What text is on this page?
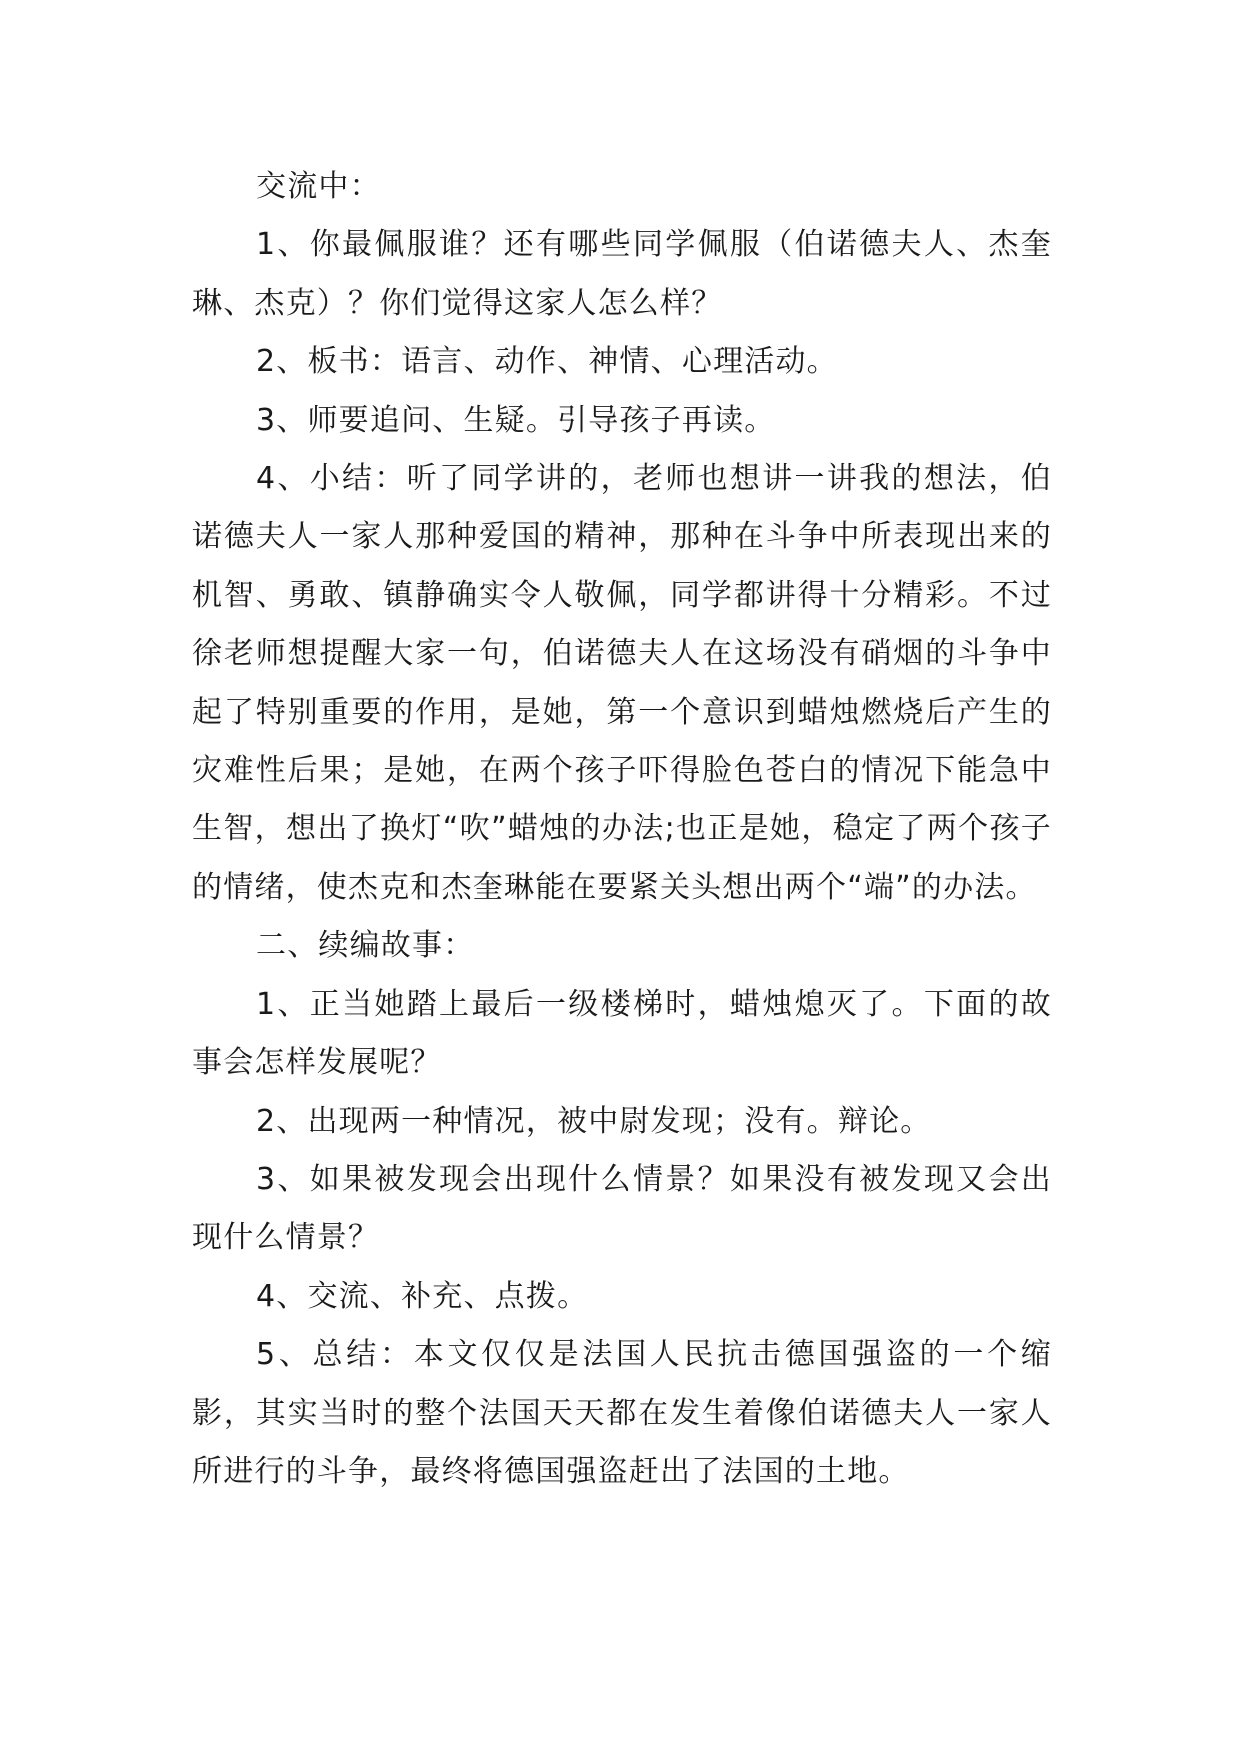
交流中：

1、你最佩服谁？还有哪些同学佩服（伯诺德夫人、杰奎琳、杰克）？你们觉得这家人怎么样？

2、板书：语言、动作、神情、心理活动。

3、师要追问、生疑。引导孩子再读。

4、小结：听了同学讲的，老师也想讲一讲我的想法，伯诺德夫人一家人那种爱国的精神，那种在斗争中所表现出来的机智、勇敢、镇静确实令人敬佩，同学都讲得十分精彩。不过徐老师想提醒大家一句，伯诺德夫人在这场没有硝烟的斗争中起了特别重要的作用，是她，第一个意识到蜡烛燃烧后产生的灾难性后果；是她，在两个孩子吓得脸色苍白的情况下能急中生智，想出了换灯“吹”蜡烛的办法;也正是她，稳定了两个孩子的情绪，使杰克和杰奎琳能在要紧关头想出两个“端”的办法。

二、续编故事：

1、正当她踏上最后一级楼梯时，蜡烛熄灭了。下面的故事会怎样发展呢？

2、出现两一种情况，被中尉发现；没有。辩论。

3、如果被发现会出现什么情景？如果没有被发现又会出现什么情景？

4、交流、补充、点拨。

5、总结：本文仅仅是法国人民抗击德国强盗的一个缩影，其实当时的整个法国天天都在发生着像伯诺德夫人一家人所进行的斗争，最终将德国强盗赶出了法国的土地。
